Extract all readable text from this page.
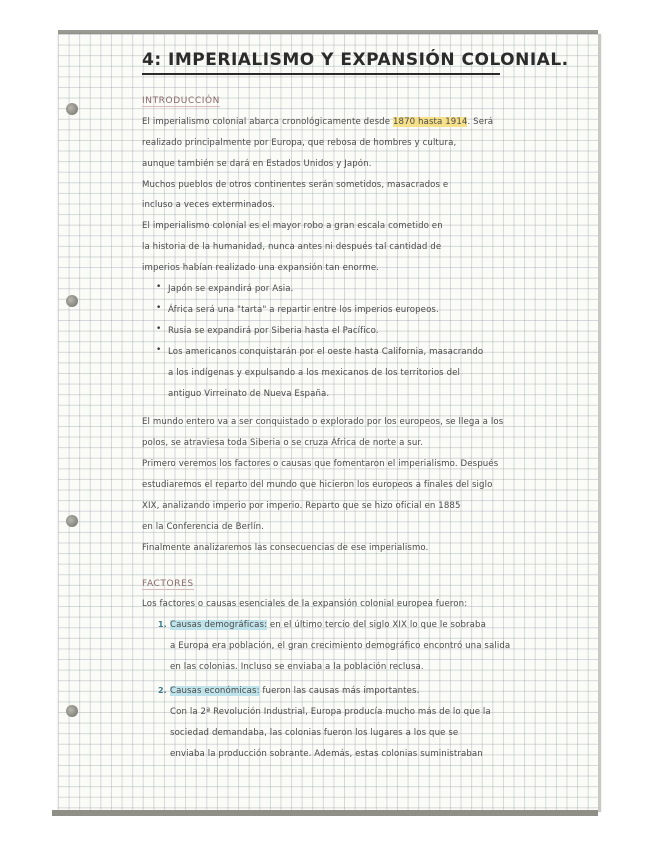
4: IMPERIALISMO Y EXPANSIÓN COLONIAL.
INTRODUCCIÓN
El imperialismo colonial abarca cronológicamente desde 1870 hasta 1914. Será
realizado principalmente por Europa, que rebosa de hombres y cultura,
aunque también se dará en Estados Unidos y Japón.
Muchos pueblos de otros continentes serán sometidos, masacrados e
incluso a veces exterminados.
El imperialismo colonial es el mayor robo a gran escala cometido en
la historia de la humanidad, nunca antes ni después tal cantidad de
imperios habían realizado una expansión tan enorme.
• Japón se expandirá por Asia.
• África será una "tarta" a repartir entre los imperios europeos.
• Rusia se expandirá por Siberia hasta el Pacífico.
• Los americanos conquistarán por el oeste hasta California, masacrando
a los indígenas y expulsando a los mexicanos de los territorios del
antiguo Virreinato de Nueva España.
El mundo entero va a ser conquistado o explorado por los europeos, se llega a los
polos, se atraviesa toda Siberia o se cruza África de norte a sur.
Primero veremos los factores o causas que fomentaron el imperialismo. Después
estudiaremos el reparto del mundo que hicieron los europeos a finales del siglo
XIX, analizando imperio por imperio. Reparto que se hizo oficial en 1885
en la Conferencia de Berlín.
Finalmente analizaremos las consecuencias de ese imperialismo.
FACTORES
Los factores o causas esenciales de la expansión colonial europea fueron:
1. Causas demográficas: en el último tercio del siglo XIX lo que le sobraba
a Europa era población, el gran crecimiento demográfico encontró una salida
en las colonias. Incluso se enviaba a la población reclusa.
2. Causas económicas: fueron las causas más importantes.
Con la 2ª Revolución Industrial, Europa producía mucho más de lo que la
sociedad demandaba, las colonias fueron los lugares a los que se
enviaba la producción sobrante. Además, estas colonias suministraban
